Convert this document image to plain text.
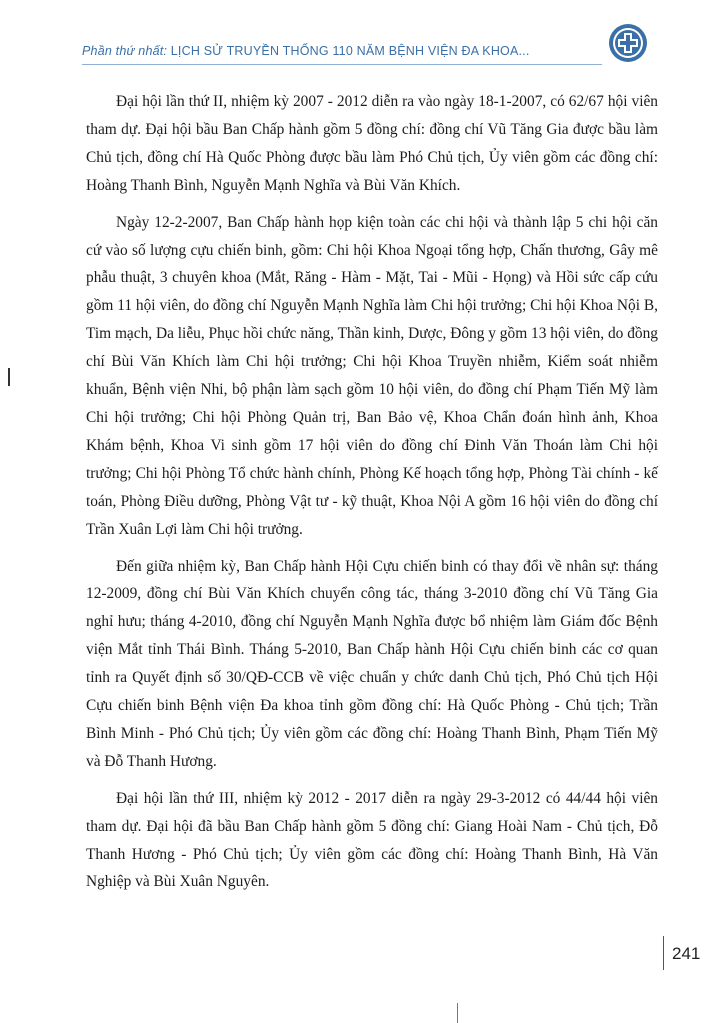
Phần thứ nhất: LỊCH SỬ TRUYỀN THỐNG 110 NĂM BỆNH VIỆN ĐA KHOA...

Đại hội lần thứ II, nhiệm kỳ 2007 - 2012 diễn ra vào ngày 18-1-2007, có 62/67 hội viên tham dự. Đại hội bầu Ban Chấp hành gồm 5 đồng chí: đồng chí Vũ Tăng Gia được bầu làm Chủ tịch, đồng chí Hà Quốc Phòng được bầu làm Phó Chủ tịch, Ủy viên gồm các đồng chí: Hoàng Thanh Bình, Nguyễn Mạnh Nghĩa và Bùi Văn Khích.

Ngày 12-2-2007, Ban Chấp hành họp kiện toàn các chi hội và thành lập 5 chi hội căn cứ vào số lượng cựu chiến binh, gồm: Chi hội Khoa Ngoại tổng hợp, Chấn thương, Gây mê phẫu thuật, 3 chuyên khoa (Mắt, Răng - Hàm - Mặt, Tai - Mũi - Họng) và Hồi sức cấp cứu gồm 11 hội viên, do đồng chí Nguyễn Mạnh Nghĩa làm Chi hội trưởng; Chi hội Khoa Nội B, Tim mạch, Da liễu, Phục hồi chức năng, Thần kinh, Dược, Đông y gồm 13 hội viên, do đồng chí Bùi Văn Khích làm Chi hội trưởng; Chi hội Khoa Truyền nhiễm, Kiểm soát nhiễm khuẩn, Bệnh viện Nhi, bộ phận làm sạch gồm 10 hội viên, do đồng chí Phạm Tiến Mỹ làm Chi hội trưởng; Chi hội Phòng Quản trị, Ban Bảo vệ, Khoa Chẩn đoán hình ảnh, Khoa Khám bệnh, Khoa Vi sinh gồm 17 hội viên do đồng chí Đinh Văn Thoán làm Chi hội trưởng; Chi hội Phòng Tổ chức hành chính, Phòng Kế hoạch tổng hợp, Phòng Tài chính - kế toán, Phòng Điều dưỡng, Phòng Vật tư - kỹ thuật, Khoa Nội A gồm 16 hội viên do đồng chí Trần Xuân Lợi làm Chi hội trưởng.

Đến giữa nhiệm kỳ, Ban Chấp hành Hội Cựu chiến binh có thay đổi về nhân sự: tháng 12-2009, đồng chí Bùi Văn Khích chuyển công tác, tháng 3-2010 đồng chí Vũ Tăng Gia nghỉ hưu; tháng 4-2010, đồng chí Nguyễn Mạnh Nghĩa được bổ nhiệm làm Giám đốc Bệnh viện Mắt tỉnh Thái Bình. Tháng 5-2010, Ban Chấp hành Hội Cựu chiến binh các cơ quan tỉnh ra Quyết định số 30/QĐ-CCB về việc chuẩn y chức danh Chủ tịch, Phó Chủ tịch Hội Cựu chiến binh Bệnh viện Đa khoa tỉnh gồm đồng chí: Hà Quốc Phòng - Chủ tịch; Trần Bình Minh - Phó Chủ tịch; Ủy viên gồm các đồng chí: Hoàng Thanh Bình, Phạm Tiến Mỹ và Đỗ Thanh Hương.

Đại hội lần thứ III, nhiệm kỳ 2012 - 2017 diễn ra ngày 29-3-2012 có 44/44 hội viên tham dự. Đại hội đã bầu Ban Chấp hành gồm 5 đồng chí: Giang Hoài Nam - Chủ tịch, Đỗ Thanh Hương - Phó Chủ tịch; Ủy viên gồm các đồng chí: Hoàng Thanh Bình, Hà Văn Nghiệp và Bùi Xuân Nguyên.

241
